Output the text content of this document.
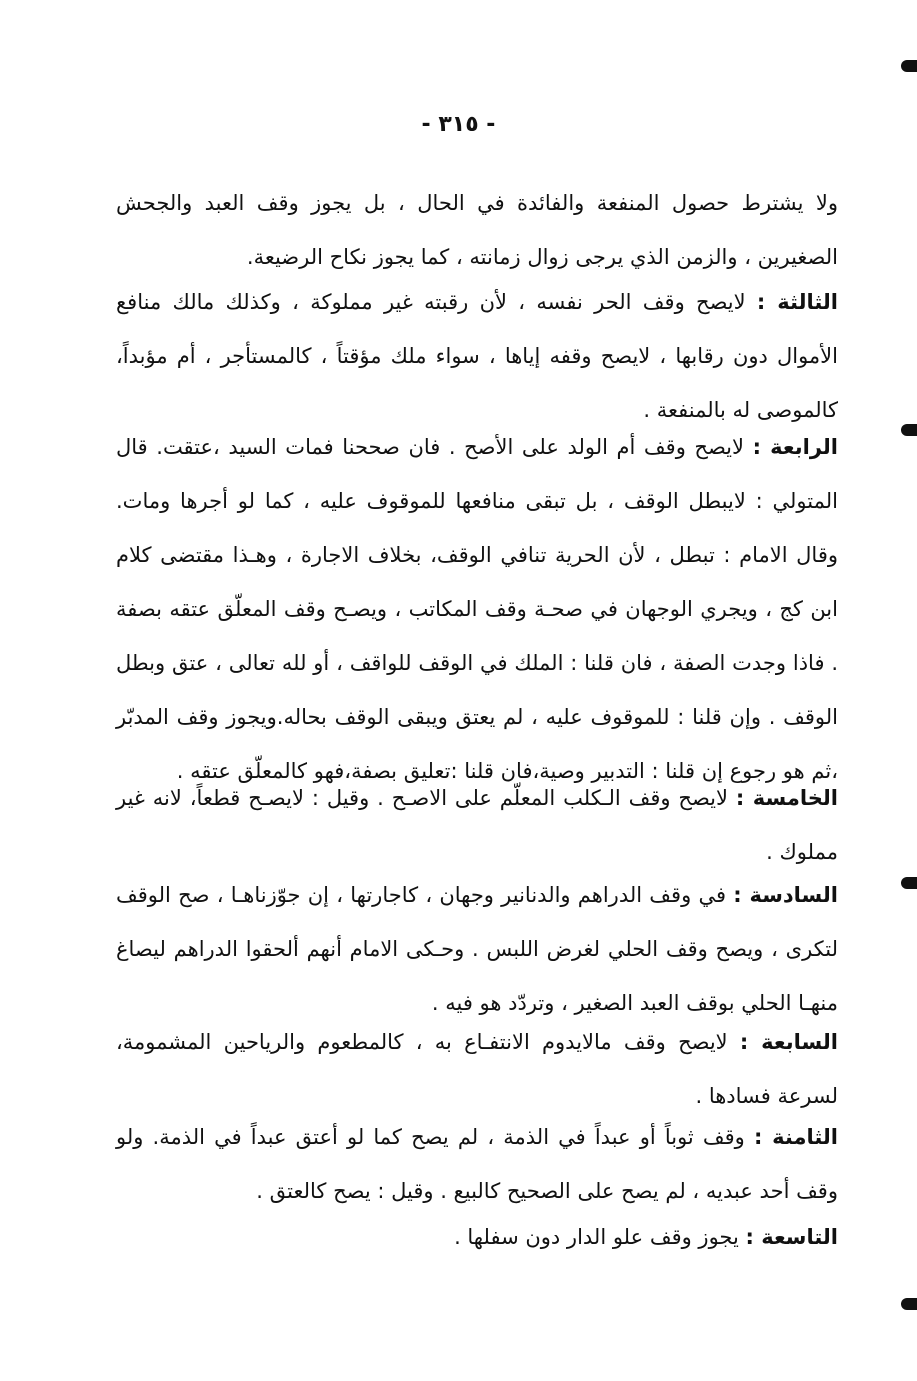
- ٣١٥ -

ولا يشترط حصول المنفعة والفائدة في الحال ، بل يجوز وقف العبد والجحش الصغيرين ، والزمن الذي يرجى زوال زمانته ، كما يجوز نكاح الرضيعة.

الثالثة : لايصح وقف الحر نفسه ، لأن رقبته غير مملوكة ، وكذلك مالك منافع الأموال دون رقابها ، لايصح وقفه إياها ، سواء ملك مؤقتاً ، كالمستأجر ، أم مؤبداً، كالموصى له بالمنفعة .

الرابعة : لايصح وقف أم الولد على الأصح . فان صححنا فمات السيد ،عتقت. قال المتولي : لايبطل الوقف ، بل تبقى منافعها للموقوف عليه ، كما لو أجرها ومات. وقال الامام : تبطل ، لأن الحرية تنافي الوقف، بخلاف الاجارة ، وهـذا مقتضى كلام ابن كج ، ويجري الوجهان في صحـة وقف المكاتب ، ويصـح وقف المعلّق عتقه بصفة . فاذا وجدت الصفة ، فان قلنا : الملك في الوقف للواقف ، أو لله تعالى ، عتق وبطل الوقف . وإن قلنا : للموقوف عليه ، لم يعتق ويبقى الوقف بحاله.ويجوز وقف المدبّر ،ثم هو رجوع إن قلنا : التدبير وصية،فان قلنا :تعليق بصفة،فهو كالمعلّق عتقه .

الخامسة : لايصح وقف الـكلب المعلّم على الاصـح . وقيل : لايصـح قطعاً، لانه غير مملوك .

السادسة : في وقف الدراهم والدنانير وجهان ، كاجارتها ، إن جوّزناهـا ، صح الوقف لتكرى ، ويصح وقف الحلي لغرض اللبس . وحـكى الامام أنهم ألحقوا الدراهم ليصاغ منهـا الحلي بوقف العبد الصغير ، وتردّد هو فيه .

السابعة : لايصح وقف مالايدوم الانتفـاع به ، كالمطعوم والرياحين المشمومة، لسرعة فسادها .

الثامنة : وقف ثوباً أو عبداً في الذمة ، لم يصح كما لو أعتق عبداً في الذمة. ولو وقف أحد عبديه ، لم يصح على الصحيح كالبيع . وقيل : يصح كالعتق .

التاسعة : يجوز وقف علو الدار دون سفلها .
